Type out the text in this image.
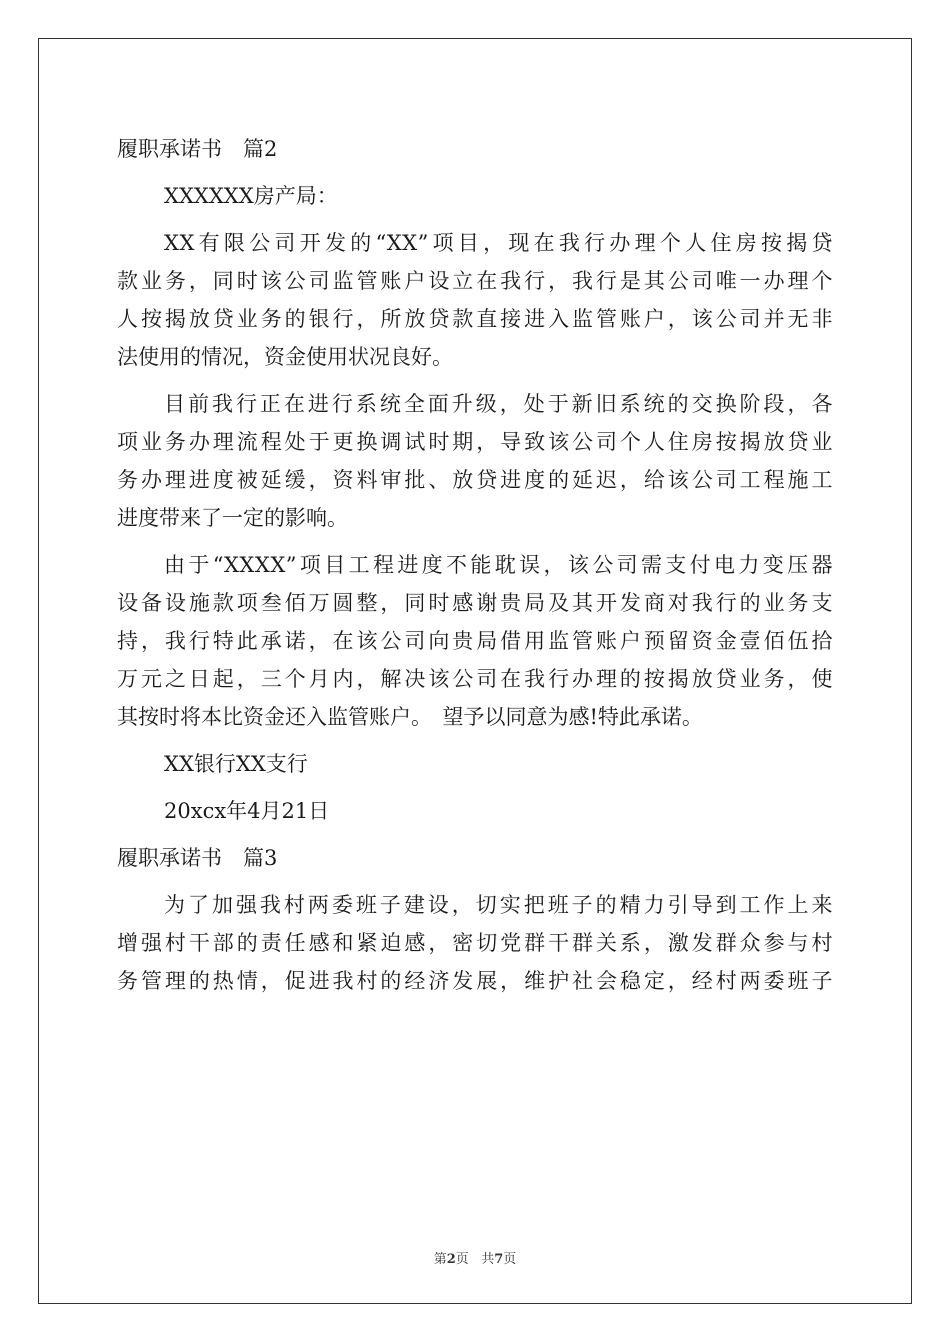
履职承诺书　篇2
XXXXXX房产局：
XX有限公司开发的“XX”项目，现在我行办理个人住房按揭贷
款业务，同时该公司监管账户设立在我行，我行是其公司唯一办理个
人按揭放贷业务的银行，所放贷款直接进入监管账户，该公司并无非
法使用的情况，资金使用状况良好。
目前我行正在进行系统全面升级，处于新旧系统的交换阶段，各
项业务办理流程处于更换调试时期，导致该公司个人住房按揭放贷业
务办理进度被延缓，资料审批、放贷进度的延迟，给该公司工程施工
进度带来了一定的影响。
由于“XXXX”项目工程进度不能耽误，该公司需支付电力变压器
设备设施款项叁佰万圆整，同时感谢贵局及其开发商对我行的业务支
持，我行特此承诺，在该公司向贵局借用监管账户预留资金壹佰伍拾
万元之日起，三个月内，解决该公司在我行办理的按揭放贷业务，使
其按时将本比资金还入监管账户。　望予以同意为感!特此承诺。
XX银行XX支行
20xcx年4月21日
履职承诺书　篇3
为了加强我村两委班子建设，切实把班子的精力引导到工作上来
增强村干部的责任感和紧迫感，密切党群干群关系，激发群众参与村
务管理的热情，促进我村的经济发展，维护社会稳定，经村两委班子
第2页 共7页
